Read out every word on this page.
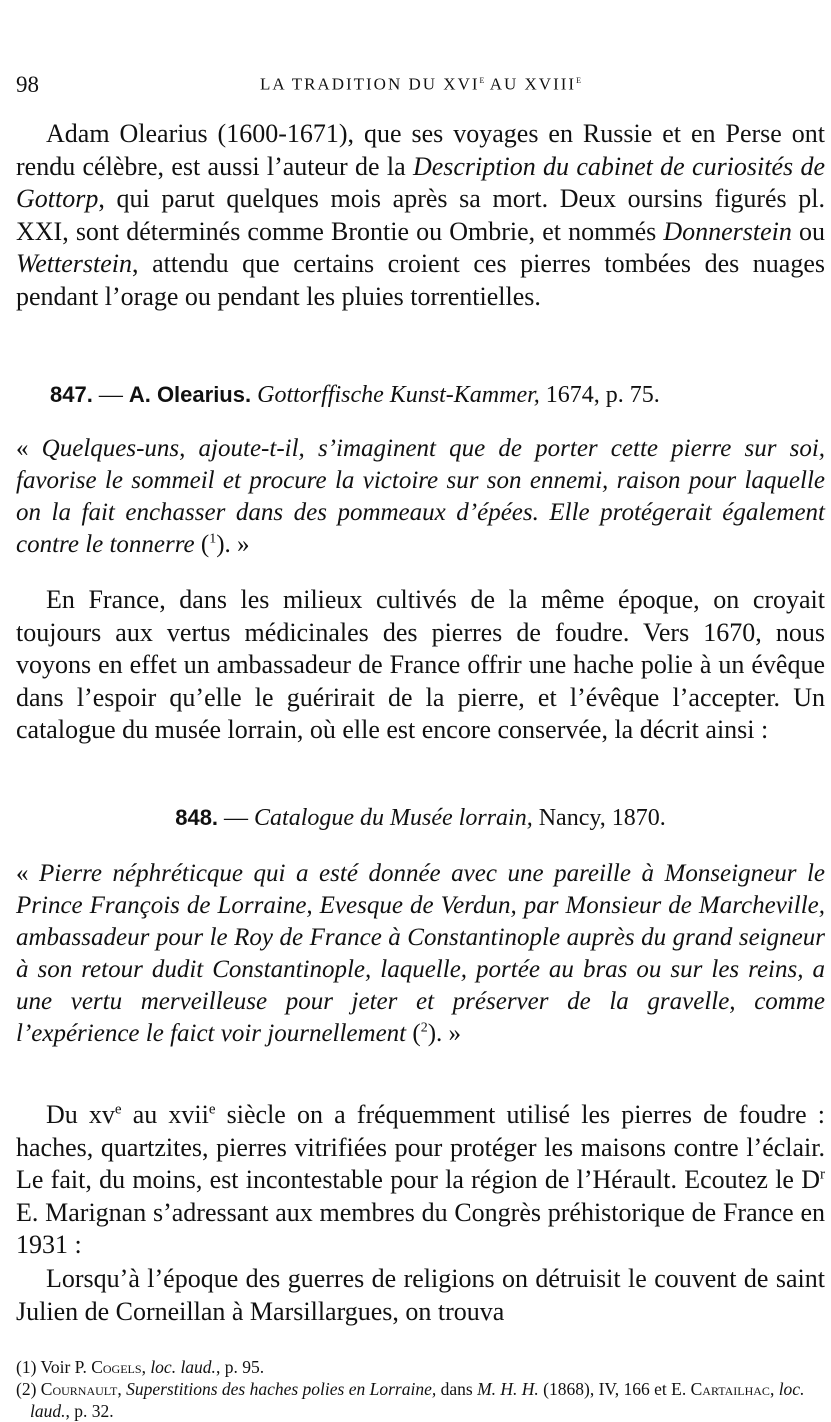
98	LA TRADITION DU XVIe AU XVIIIe

Adam Olearius (1600-1671), que ses voyages en Russie et en Perse ont rendu célèbre, est aussi l’auteur de la Description du cabinet de curiosités de Gottorp, qui parut quelques mois après sa mort. Deux oursins figurés pl. XXI, sont déterminés comme Brontie ou Ombrie, et nommés Donnerstein ou Wetterstein, attendu que certains croient ces pierres tombées des nuages pendant l’orage ou pendant les pluies torrentielles.

847. — A. Olearius. Gottorffische Kunst-Kammer, 1674, p. 75.

« Quelques-uns, ajoute-t-il, s’imaginent que de porter cette pierre sur soi, favorise le sommeil et procure la victoire sur son ennemi, raison pour laquelle on la fait enchasser dans des pommeaux d’épées. Elle protégerait également contre le tonnerre ($^1$). »

En France, dans les milieux cultivés de la même époque, on croyait toujours aux vertus médicinales des pierres de foudre. Vers 1670, nous voyons en effet un ambassadeur de France offrir une hache polie à un évêque dans l’espoir qu’elle le guérirait de la pierre, et l’évêque l’accepter. Un catalogue du musée lorrain, où elle est encore conservée, la décrit ainsi :

848. — Catalogue du Musée lorrain, Nancy, 1870.

« Pierre néphréticque qui a esté donnée avec une pareille à Monseigneur le Prince François de Lorraine, Evesque de Verdun, par Monsieur de Marcheville, ambassadeur pour le Roy de France à Constantinople auprès du grand seigneur à son retour dudit Constantinople, laquelle, portée au bras ou sur les reins, a une vertu merveilleuse pour jeter et préserver de la gravelle, comme l’expérience le faict voir journellement ($^2$). »

Du $xv^e$ au xvii$^e$ siècle on a fréquemment utilisé les pierres de foudre : haches, quartzites, pierres vitrifiées pour protéger les maisons contre l’éclair. Le fait, du moins, est incontestable pour la région de l’Hérault. Ecoutez le $D^r$ E. Marignan s’adressant aux membres du Congrès préhistorique de France en 1931 :

Lorsqu’à l’époque des guerres de religions on détruisit le couvent de saint Julien de Corneillan à Marsillargues, on trouva

(1) Voir P. Cogels, loc. laud., p. 95.

(2) Cournault, Superstitions des haches polies en Lorraine, dans M. H. H. (1868), IV, 166 et E. Cartailhac, loc. laud., p. 32.
